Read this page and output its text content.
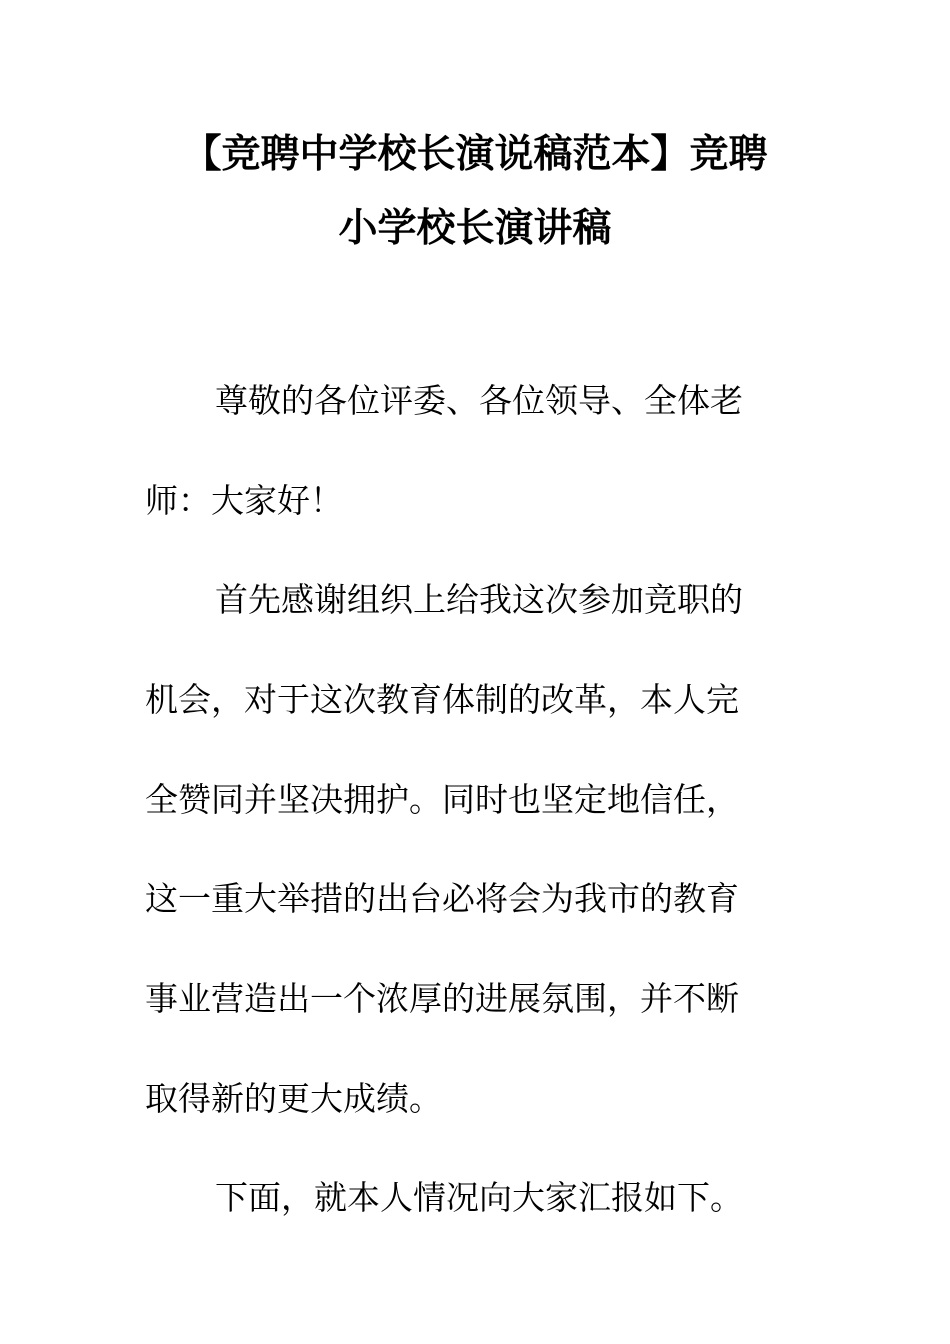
【竞聘中学校长演说稿范本】竞聘
小学校长演讲稿
尊敬的各位评委、各位领导、全体老
师：大家好！
首先感谢组织上给我这次参加竞职的
机会，对于这次教育体制的改革，本人完
全赞同并坚决拥护。同时也坚定地信任，
这一重大举措的出台必将会为我市的教育
事业营造出一个浓厚的进展氛围，并不断
取得新的更大成绩。
下面，就本人情况向大家汇报如下。
